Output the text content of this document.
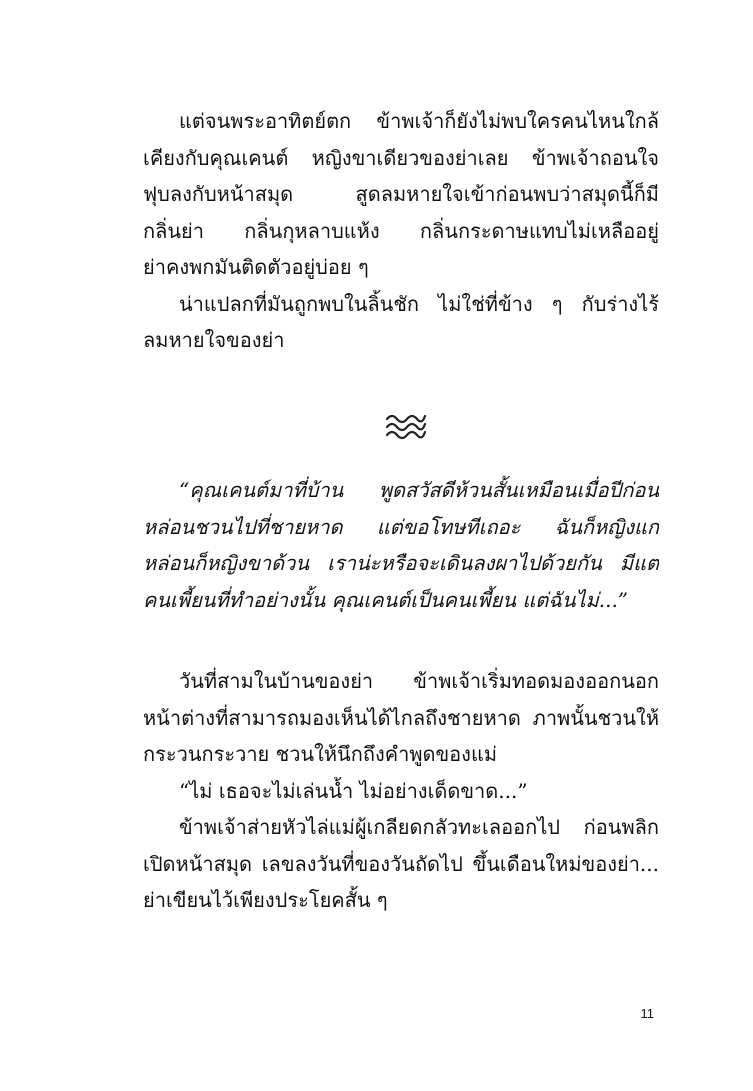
แต่จนพระอาทิตย์ตก ข้าพเจ้าก็ยังไม่พบใครคนไหนใกล้
เคียงกับคุณเคนต์ หญิงขาเดียวของย่าเลย ข้าพเจ้าถอนใจ
ฟุบลงกับหน้าสมุด สูดลมหายใจเข้าก่อนพบว่าสมุดนี้ก็มี
กลิ่นย่า กลิ่นกุหลาบแห้ง กลิ่นกระดาษแทบไม่เหลืออยู่
ย่าคงพกมันติดตัวอยู่บ่อย ๆ
น่าแปลกที่มันถูกพบในลิ้นชัก ไม่ใช่ที่ข้าง ๆ กับร่างไร้
ลมหายใจของย่า
“คุณเคนต์มาที่บ้าน พูดสวัสดีห้วนสั้นเหมือนเมื่อปีก่อน
หล่อนชวนไปที่ชายหาด แต่ขอโทษทีเถอะ ฉันก็หญิงแก่
หล่อนก็หญิงขาด้วน เราน่ะหรือจะเดินลงผาไปด้วยกัน มีแต่
คนเพี้ยนที่ทำอย่างนั้น คุณเคนต์เป็นคนเพี้ยน แต่ฉันไม่...”
วันที่สามในบ้านของย่า ข้าพเจ้าเริ่มทอดมองออกนอก
หน้าต่างที่สามารถมองเห็นได้ไกลถึงชายหาด ภาพนั้นชวนให้
กระวนกระวาย ชวนให้นึกถึงคำพูดของแม่
“ไม่ เธอจะไม่เล่นน้ำ ไม่อย่างเด็ดขาด...”
ข้าพเจ้าส่ายหัวไล่แม่ผู้เกลียดกลัวทะเลออกไป ก่อนพลิก
เปิดหน้าสมุด เลขลงวันที่ของวันถัดไป ขึ้นเดือนใหม่ของย่า...
ย่าเขียนไว้เพียงประโยคสั้น ๆ
11
